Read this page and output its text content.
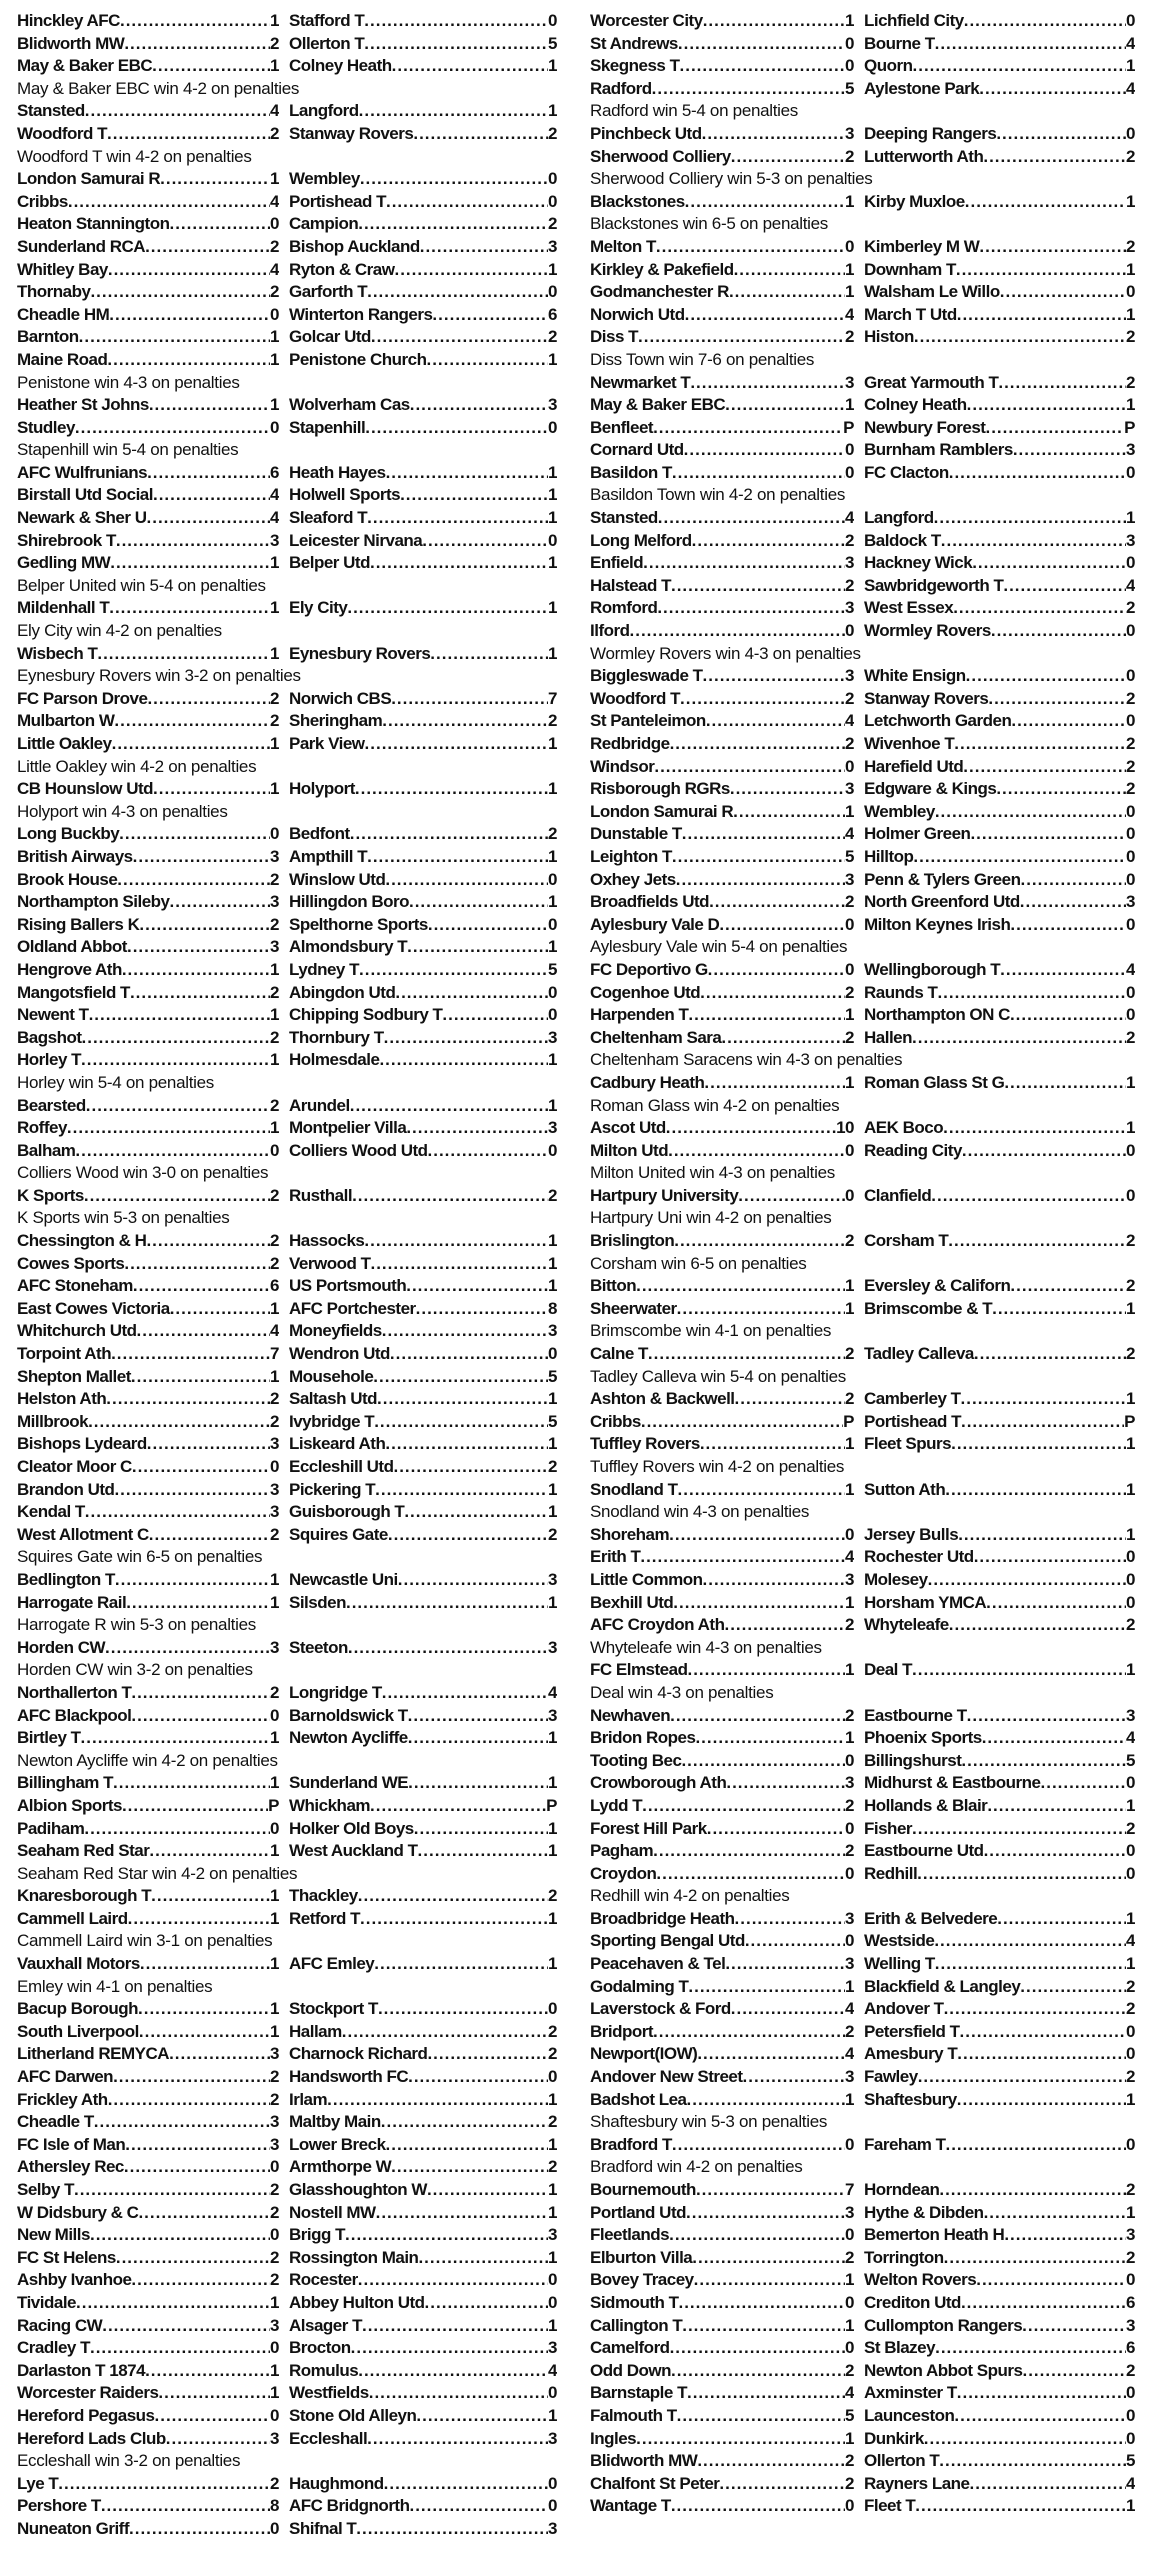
Hinckley AFC .....	1 Stafford T .....	0
Blidworth MW .....	2 Ollerton T .....	5
May & Baker EBC .....	1 Colney Heath .....	1
May & Baker EBC win 4-2 on penalties
Stansted .....	4 Langford .....	1
Woodford T .....	2 Stanway Rovers .....	2
Woodford T win 4-2 on penalties
London Samurai R .....	1 Wembley .....	0
Cribbs .....	4 Portishead T .....	0
Heaton Stannington .....	0 Campion .....	2
Sunderland RCA .....	2 Bishop Auckland .....	3
Whitley Bay .....	4 Ryton & Craw .....	1
Thornaby .....	2 Garforth T .....	0
Cheadle HM .....	0 Winterton Rangers .....	6
Barnton .....	1 Golcar Utd .....	2
Maine Road .....	1 Penistone Church .....	1
Penistone win 4-3 on penalties
Heather St Johns .....	1 Wolverham Cas .....	3
Studley .....	0 Stapenhill .....	0
Stapenhill win 5-4 on penalties
AFC Wulfrunians .....	6 Heath Hayes .....	1
Birstall Utd Social .....	4 Holwell Sports .....	1
Newark & Sher U .....	4 Sleaford T .....	1
Shirebrook T .....	3 Leicester Nirvana .....	0
Gedling MW .....	1 Belper Utd .....	1
Belper United win 5-4 on penalties
Mildenhall T .....	1 Ely City .....	1
Ely City win 4-2 on penalties
Wisbech T .....	1 Eynesbury Rovers .....	1
Eynesbury Rovers win 3-2 on penalties
FC Parson Drove .....	2 Norwich CBS .....	7
Mulbarton W .....	2 Sheringham .....	2
Little Oakley .....	1 Park View .....	1
Little Oakley win 4-2 on penalties
CB Hounslow Utd .....	1 Holyport .....	1
Holyport win 4-3 on penalties
Long Buckby .....	0 Bedfont .....	2
British Airways .....	3 Ampthill T .....	1
Brook House .....	2 Winslow Utd .....	0
Northampton Sileby .....	3 Hillingdon Boro .....	1
Rising Ballers K .....	2 Spelthorne Sports .....	0
Oldland Abbot .....	3 Almondsbury T .....	1
Hengrove Ath .....	1 Lydney T .....	5
Mangotsfield T .....	2 Abingdon Utd .....	0
Newent T .....	1 Chipping Sodbury T .....	0
Bagshot .....	2 Thornbury T .....	3
Horley T .....	1 Holmesdale .....	1
Horley win 5-4 on penalties
Bearsted .....	2 Arundel .....	1
Roffey .....	1 Montpelier Villa .....	3
Balham .....	0 Colliers Wood Utd .....	0
Colliers Wood win 3-0 on penalties
K Sports .....	2 Rusthall .....	2
K Sports win 5-3 on penalties
Chessington & H .....	2 Hassocks .....	1
Cowes Sports .....	2 Verwood T .....	1
AFC Stoneham .....	6 US Portsmouth .....	1
East Cowes Victoria .....	1 AFC Portchester .....	8
Whitchurch Utd .....	4 Moneyfields .....	3
Torpoint Ath .....	7 Wendron Utd .....	0
Shepton Mallet .....	1 Mousehole .....	5
Helston Ath .....	2 Saltash Utd .....	1
Millbrook .....	2 Ivybridge T .....	5
Bishops Lydeard .....	3 Liskeard Ath .....	1
Cleator Moor C .....	0 Eccleshill Utd .....	2
Brandon Utd .....	3 Pickering T .....	1
Kendal T .....	3 Guisborough T .....	1
West Allotment C .....	2 Squires Gate .....	2
Squires Gate win 6-5 on penalties
Bedlington T .....	1 Newcastle Uni .....	3
Harrogate Rail .....	1 Silsden .....	1
Harrogate R win 5-3 on penalties
Horden CW .....	3 Steeton .....	3
Horden CW win 3-2 on penalties
Northallerton T .....	2 Longridge T .....	4
AFC Blackpool .....	0 Barnoldswick T .....	3
Birtley T .....	1 Newton Aycliffe .....	1
Newton Aycliffe win 4-2 on penalties
Billingham T .....	1 Sunderland WE .....	1
Albion Sports .....	P Whickham .....	P
Padiham .....	0 Holker Old Boys .....	1
Seaham Red Star .....	1 West Auckland T .....	1
Seaham Red Star win 4-2 on penalties
Knaresborough T .....	1 Thackley .....	2
Cammell Laird .....	1 Retford T .....	1
Cammell Laird win 3-1 on penalties
Vauxhall Motors .....	1 AFC Emley .....	1
Emley win 4-1 on penalties
Bacup Borough .....	1 Stockport T .....	0
South Liverpool .....	1 Hallam .....	2
Litherland REMYCA .....	3 Charnock Richard .....	2
AFC Darwen .....	2 Handsworth FC .....	0
Frickley Ath .....	2 Irlam .....	1
Cheadle T .....	3 Maltby Main .....	2
FC Isle of Man .....	3 Lower Breck .....	1
Athersley Rec .....	0 Armthorpe W .....	2
Selby T .....	2 Glasshoughton W .....	1
W Didsbury & C .....	2 Nostell MW .....	1
New Mills .....	0 Brigg T .....	3
FC St Helens .....	2 Rossington Main .....	1
Ashby Ivanhoe .....	2 Rocester .....	0
Tividale .....	1 Abbey Hulton Utd .....	0
Racing CW .....	3 Alsager T .....	1
Cradley T .....	0 Brocton .....	3
Darlaston T 1874 .....	1 Romulus .....	4
Worcester Raiders .....	1 Westfields .....	0
Hereford Pegasus .....	0 Stone Old Alleyn .....	1
Hereford Lads Club .....	3 Eccleshall .....	3
Eccleshall win 3-2 on penalties
Lye T .....	2 Haughmond .....	0
Pershore T .....	8 AFC Bridgnorth .....	0
Nuneaton Griff .....	0 Shifnal T .....	3
Worcester City .....	1 Lichfield City .....	0
St Andrews .....	0 Bourne T .....	4
Skegness T .....	0 Quorn .....	1
Radford .....	5 Aylestone Park .....	4
Radford win 5-4 on penalties
Pinchbeck Utd .....	3 Deeping Rangers .....	0
Sherwood Colliery .....	2 Lutterworth Ath .....	2
Sherwood Colliery win 5-3 on penalties
Blackstones .....	1 Kirby Muxloe .....	1
Blackstones win 6-5 on penalties
Melton T .....	0 Kimberley M W .....	2
Kirkley & Pakefield .....	1 Downham T .....	1
Godmanchester R .....	1 Walsham Le Willo .....	0
Norwich Utd .....	4 March T Utd .....	1
Diss T .....	2 Histon .....	2
Diss Town win 7-6 on penalties
Newmarket T .....	3 Great Yarmouth T .....	2
May & Baker EBC .....	1 Colney Heath .....	1
Benfleet .....	P Newbury Forest .....	P
Cornard Utd .....	0 Burnham Ramblers .....	3
Basildon T .....	0 FC Clacton .....	0
Basildon Town win 4-2 on penalties
Stansted .....	4 Langford .....	1
Long Melford .....	2 Baldock T .....	3
Enfield .....	3 Hackney Wick .....	0
Halstead T .....	2 Sawbridgeworth T .....	4
Romford .....	3 West Essex .....	2
Ilford .....	0 Wormley Rovers .....	0
Wormley Rovers win 4-3 on penalties
Biggleswade T .....	3 White Ensign .....	0
Woodford T .....	2 Stanway Rovers .....	2
St Panteleimon .....	4 Letchworth Garden .....	0
Redbridge .....	2 Wivenhoe T .....	2
Windsor .....	0 Harefield Utd .....	2
Risborough RGRs .....	3 Edgware & Kings .....	2
London Samurai R .....	1 Wembley .....	0
Dunstable T .....	4 Holmer Green .....	0
Leighton T .....	5 Hilltop .....	0
Oxhey Jets .....	3 Penn & Tylers Green .....	0
Broadfields Utd .....	2 North Greenford Utd .....	3
Aylesbury Vale D .....	0 Milton Keynes Irish .....	0
Aylesbury Vale win 5-4 on penalties
FC Deportivo G .....	0 Wellingborough T .....	4
Cogenhoe Utd .....	2 Raunds T .....	0
Harpenden T .....	1 Northampton ON C .....	0
Cheltenham Sara .....	2 Hallen .....	2
Cheltenham Saracens win 4-3 on penalties
Cadbury Heath .....	1 Roman Glass St G .....	1
Roman Glass win 4-2 on penalties
Ascot Utd .....	10 AEK Boco .....	1
Milton Utd .....	0 Reading City .....	0
Milton United win 4-3 on penalties
Hartpury University .....	0 Clanfield .....	0
Hartpury Uni win 4-2 on penalties
Brislington .....	2 Corsham T .....	2
Corsham win 6-5 on penalties
Bitton .....	1 Eversley & Californ .....	2
Sheerwater .....	1 Brimscombe & T .....	1
Brimscombe win 4-1 on penalties
Calne T .....	2 Tadley Calleva .....	2
Tadley Calleva win 5-4 on penalties
Ashton & Backwell .....	2 Camberley T .....	1
Cribbs .....	P Portishead T .....	P
Tuffley Rovers .....	1 Fleet Spurs .....	1
Tuffley Rovers win 4-2 on penalties
Snodland T .....	1 Sutton Ath .....	1
Snodland win 4-3 on penalties
Shoreham .....	0 Jersey Bulls .....	1
Erith T .....	4 Rochester Utd .....	0
Little Common .....	3 Molesey .....	0
Bexhill Utd .....	1 Horsham YMCA .....	0
AFC Croydon Ath .....	2 Whyteleafe .....	2
Whyteleafe win 4-3 on penalties
FC Elmstead .....	1 Deal T .....	1
Deal win 4-3 on penalties
Newhaven .....	2 Eastbourne T .....	3
Bridon Ropes .....	1 Phoenix Sports .....	4
Tooting Bec .....	0 Billingshurst .....	5
Crowborough Ath .....	3 Midhurst & Eastbourne .....	0
Lydd T .....	2 Hollands & Blair .....	1
Forest Hill Park .....	0 Fisher .....	2
Pagham .....	2 Eastbourne Utd .....	0
Croydon .....	0 Redhill .....	0
Redhill win 4-2 on penalties
Broadbridge Heath .....	3 Erith & Belvedere .....	1
Sporting Bengal Utd .....	0 Westside .....	4
Peacehaven & Tel .....	3 Welling T .....	1
Godalming T .....	1 Blackfield & Langley .....	2
Laverstock & Ford .....	4 Andover T .....	2
Bridport .....	2 Petersfield T .....	0
Newport(IOW) .....	4 Amesbury T .....	0
Andover New Street .....	3 Fawley .....	2
Badshot Lea .....	1 Shaftesbury .....	1
Shaftesbury win 5-3 on penalties
Bradford T .....	0 Fareham T .....	0
Bradford win 4-2 on penalties
Bournemouth .....	7 Horndean .....	2
Portland Utd .....	3 Hythe & Dibden .....	1
Fleetlands .....	0 Bemerton Heath H .....	3
Elburton Villa .....	2 Torrington .....	2
Bovey Tracey .....	1 Welton Rovers .....	0
Sidmouth T .....	0 Crediton Utd .....	6
Callington T .....	1 Cullompton Rangers .....	3
Camelford .....	0 St Blazey .....	6
Odd Down .....	2 Newton Abbot Spurs .....	2
Barnstaple T .....	4 Axminster T .....	0
Falmouth T .....	5 Launceston .....	0
Ingles .....	1 Dunkirk .....	0
Blidworth MW .....	2 Ollerton T .....	5
Chalfont St Peter .....	2 Rayners Lane .....	4
Wantage T .....	0 Fleet T .....	1
